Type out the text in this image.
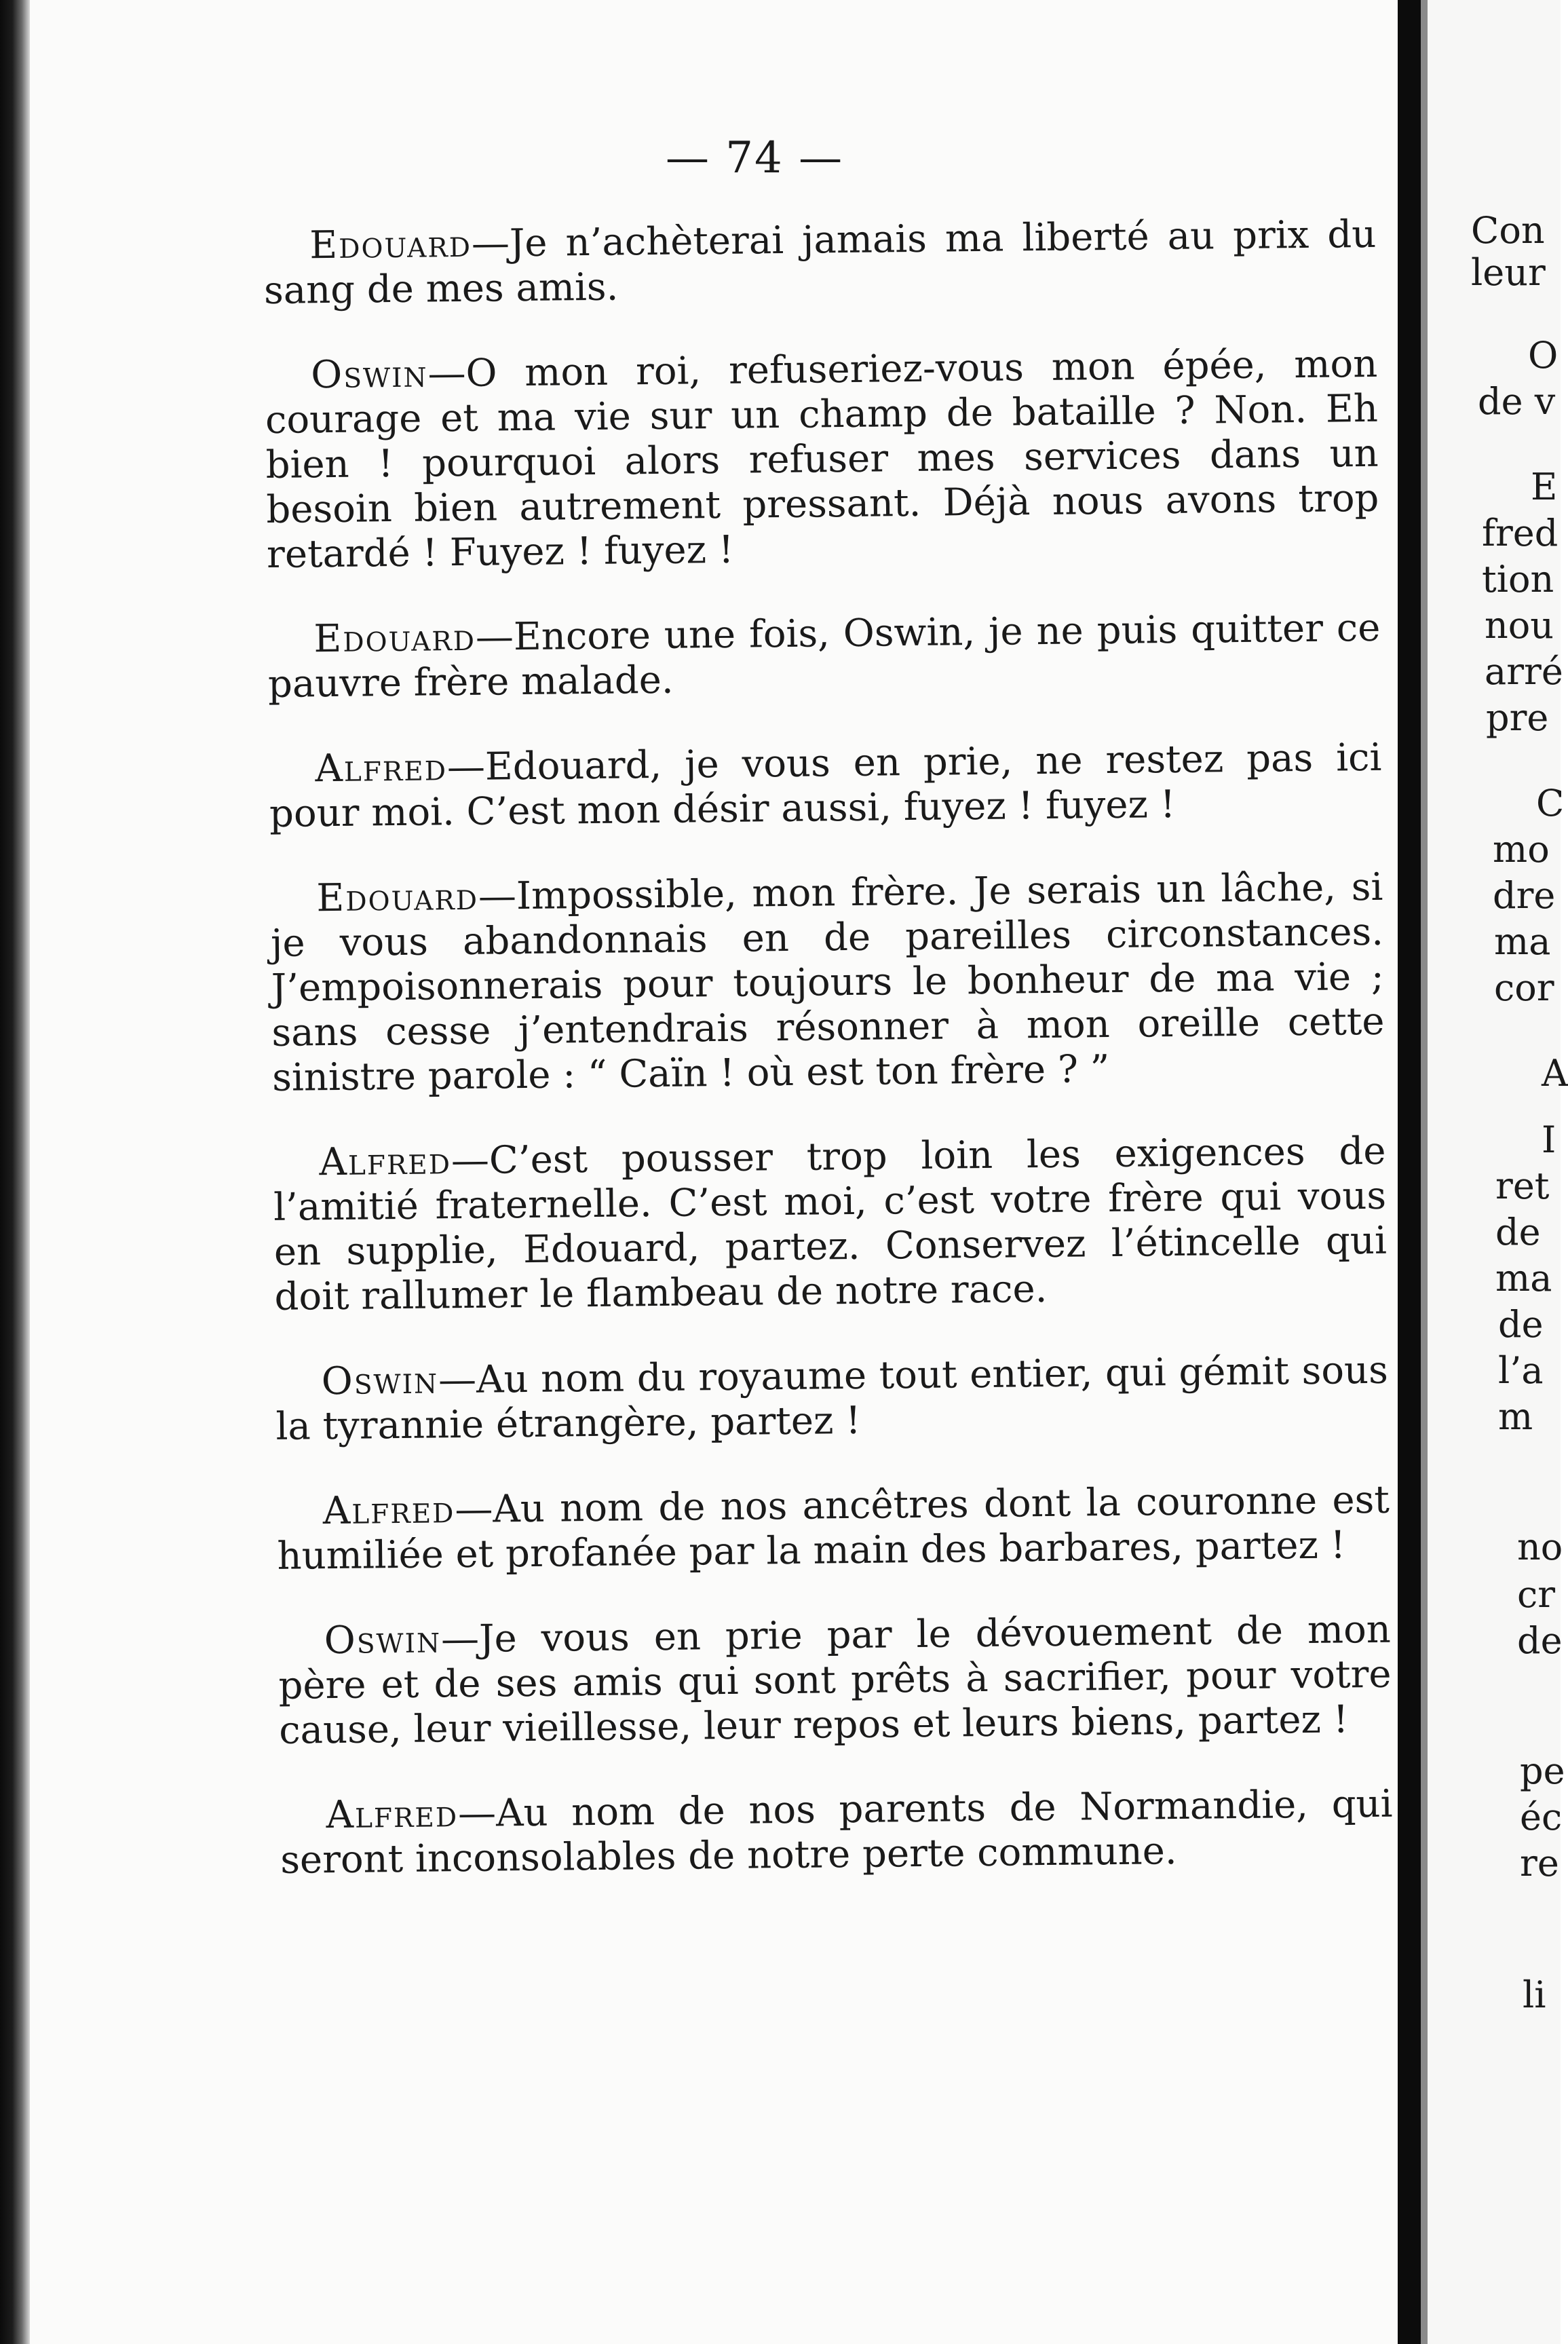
Con
leur
O
de v
E
fred
tion
nou
arré
pre
C
mo
dre
ma
cor
A
I
ret
de
ma
de
l’a
m
no
cr
de
pe
éc
re
li
— 74 —

Edouard—Je n’achèterai jamais ma liberté au prix du sang de mes amis.

Oswin—O mon roi, refuseriez-vous mon épée, mon courage et ma vie sur un champ de bataille ? Non. Eh bien ! pourquoi alors refuser mes services dans un besoin bien autrement pressant. Déjà nous avons trop retardé ! Fuyez ! fuyez !

Edouard—Encore une fois, Oswin, je ne puis quitter ce pauvre frère malade.

Alfred—Edouard, je vous en prie, ne restez pas ici pour moi. C’est mon désir aussi, fuyez ! fuyez !

Edouard—Impossible, mon frère. Je serais un lâche, si je vous abandonnais en de pareilles circonstances. J’empoisonnerais pour toujours le bonheur de ma vie ; sans cesse j’entendrais résonner à mon oreille cette sinistre parole : “ Caïn ! où est ton frère ? ”

Alfred—C’est pousser trop loin les exigences de l’amitié fraternelle. C’est moi, c’est votre frère qui vous en supplie, Edouard, partez. Conservez l’étincelle qui doit rallumer le flambeau de notre race.

Oswin—Au nom du royaume tout entier, qui gémit sous la tyrannie étrangère, partez !

Alfred—Au nom de nos ancêtres dont la couronne est humiliée et profanée par la main des barbares, partez !

Oswin—Je vous en prie par le dévouement de mon père et de ses amis qui sont prêts à sacrifier, pour votre cause, leur vieillesse, leur repos et leurs biens, partez !

Alfred—Au nom de nos parents de Normandie, qui seront inconsolables de notre perte commune.
